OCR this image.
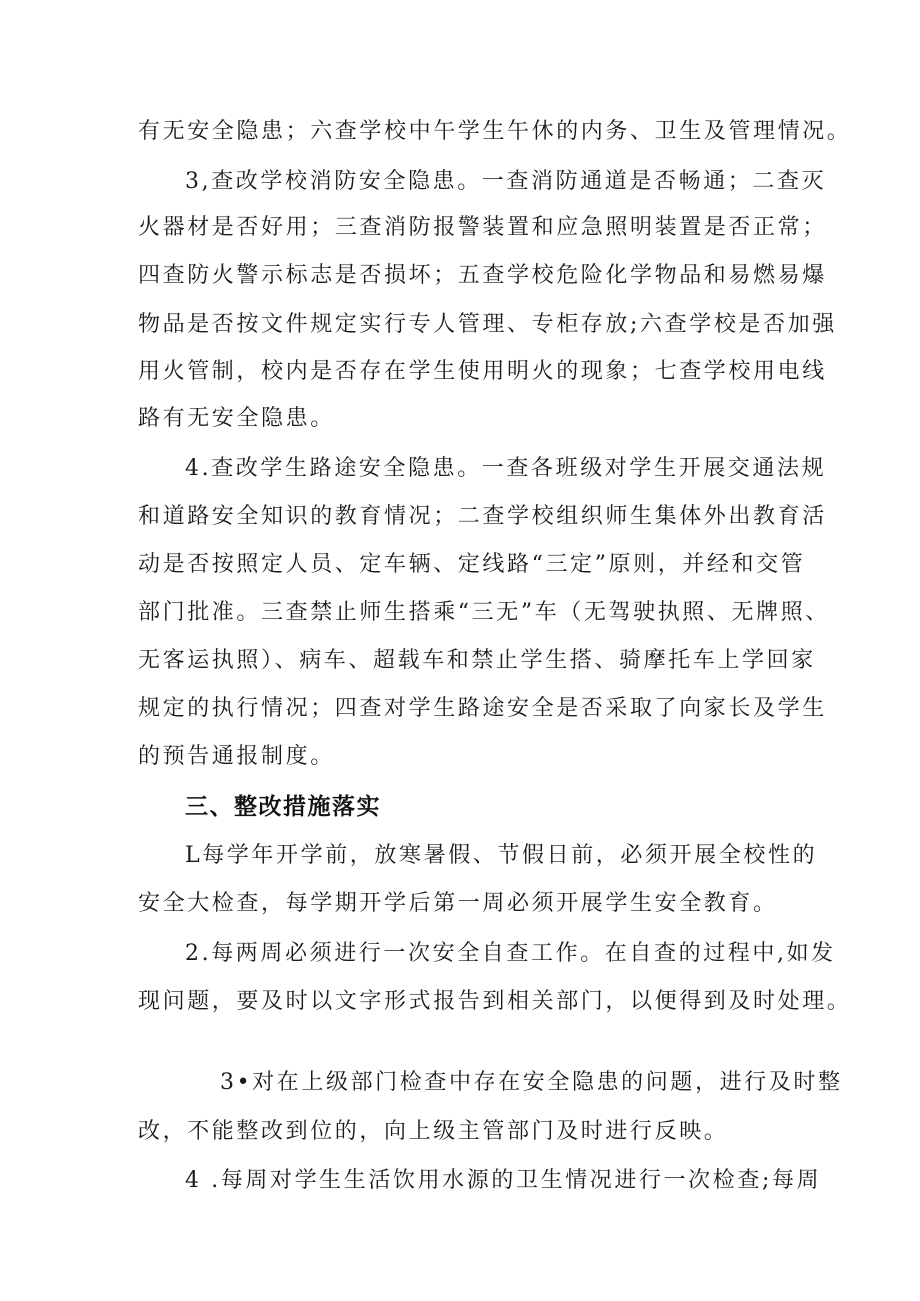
有无安全隐患；六查学校中午学生午休的内务、卫生及管理情况。

3,查改学校消防安全隐患。一查消防通道是否畅通；二查灭

火器材是否好用；三查消防报警装置和应急照明装置是否正常；

四查防火警示标志是否损坏；五查学校危险化学物品和易燃易爆

物品是否按文件规定实行专人管理、专柜存放;六查学校是否加强

用火管制，校内是否存在学生使用明火的现象；七查学校用电线

路有无安全隐患。

4.查改学生路途安全隐患。一查各班级对学生开展交通法规

和道路安全知识的教育情况；二查学校组织师生集体外出教育活

动是否按照定人员、定车辆、定线路“三定”原则，并经和交管

部门批准。三查禁止师生搭乘“三无”车（无驾驶执照、无牌照、

无客运执照）、病车、超载车和禁止学生搭、骑摩托车上学回家

规定的执行情况；四查对学生路途安全是否采取了向家长及学生

的预告通报制度。

三、整改措施落实

L每学年开学前，放寒暑假、节假日前，必须开展全校性的

安全大检查，每学期开学后第一周必须开展学生安全教育。

2.每两周必须进行一次安全自查工作。在自查的过程中,如发

现问题，要及时以文字形式报告到相关部门，以便得到及时处理。

3•对在上级部门检查中存在安全隐患的问题，进行及时整

改，不能整改到位的，向上级主管部门及时进行反映。

4 .每周对学生生活饮用水源的卫生情况进行一次检查;每周
